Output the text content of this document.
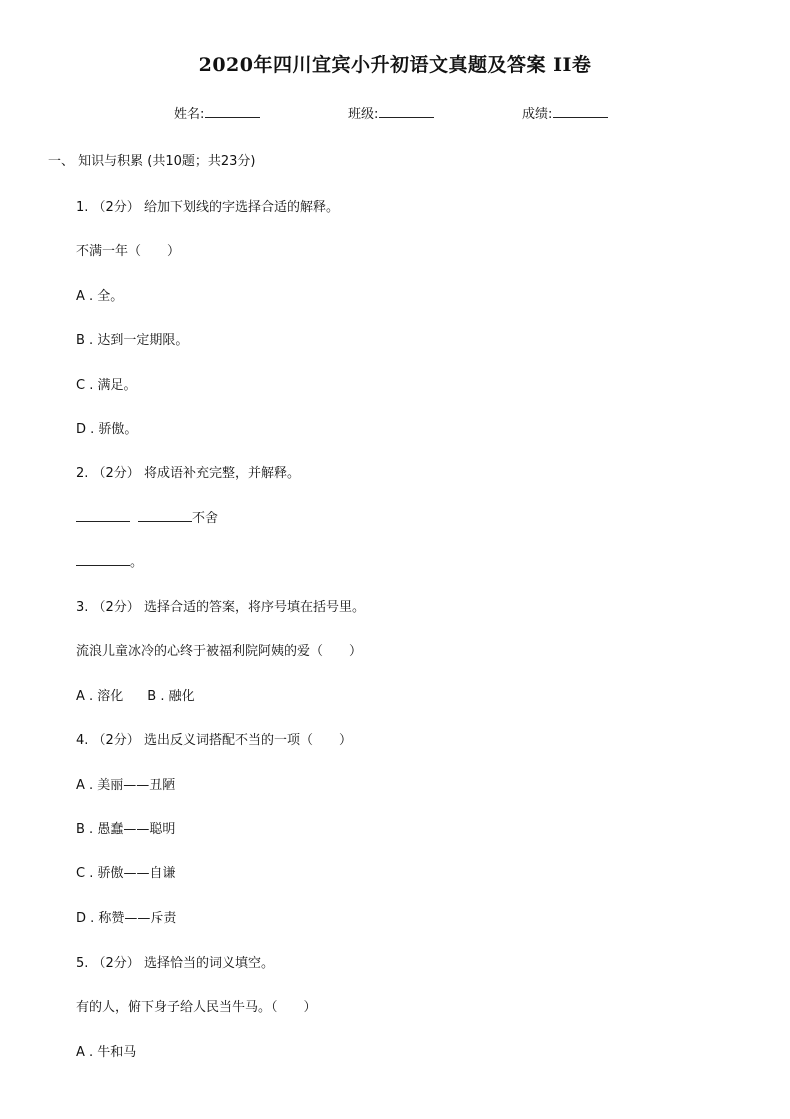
2020年四川宜宾小升初语文真题及答案 II卷
姓名:	班级:	成绩:
一、 知识与积累 (共10题；共23分)
1. （2分） 给加下划线的字选择合适的解释。
不满一年（　　）
A . 全。
B . 达到一定期限。
C . 满足。
D . 骄傲。
2. （2分） 将成语补充完整，并解释。
不舍
。
3. （2分） 选择合适的答案，将序号填在括号里。
流浪儿童冰冷的心终于被福利院阿姨的爱（　　）
A . 溶化 B . 融化
4. （2分） 选出反义词搭配不当的一项（　　）
A . 美丽——丑陋
B . 愚蠢——聪明
C . 骄傲——自谦
D . 称赞——斥责
5. （2分） 选择恰当的词义填空。
有的人，俯下身子给人民当牛马。（　　）
A . 牛和马
